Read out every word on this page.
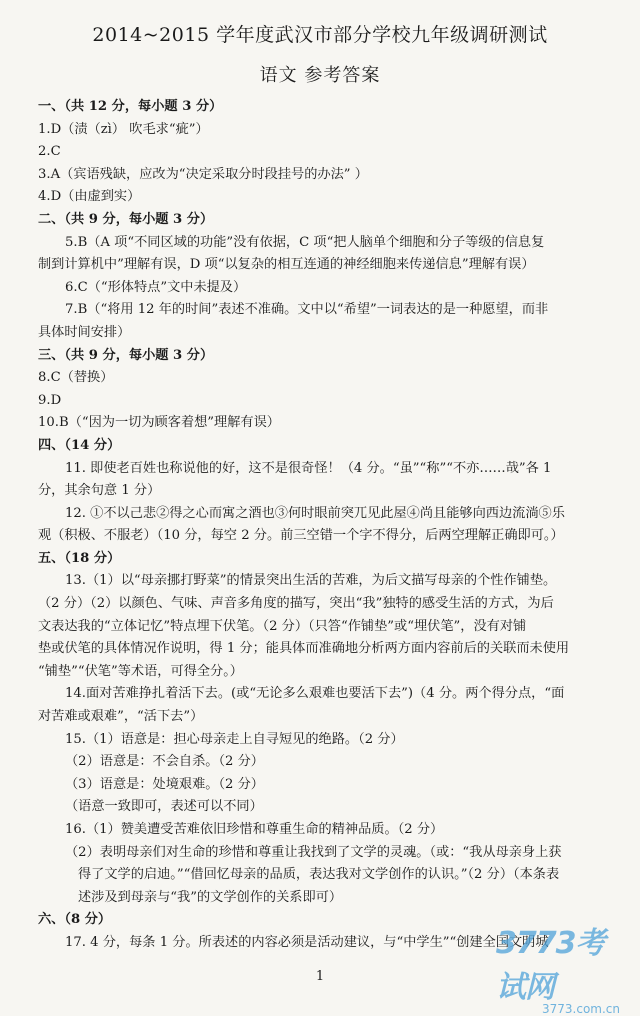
2014~2015 学年度武汉市部分学校九年级调研测试
语文 参考答案
一、（共 12 分，每小题 3 分）
1.D（渍（zì） 吹毛求“疵”）
2.C
3.A（宾语残缺，应改为“决定采取分时段挂号的办法” ）
4.D（由虚到实）
二、（共 9 分，每小题 3 分）
5.B（A 项“不同区域的功能”没有依据，C 项“把人脑单个细胞和分子等级的信息复
制到计算机中”理解有误，D 项“以复杂的相互连通的神经细胞来传递信息”理解有误）
6.C（“形体特点”文中未提及）
7.B（“将用 12 年的时间”表述不准确。文中以“希望”一词表达的是一种愿望，而非
具体时间安排）
三、（共 9 分，每小题 3 分）
8.C（替换）
9.D
10.B（“因为一切为顾客着想”理解有误）
四、（14 分）
11. 即使老百姓也称说他的好，这不是很奇怪！（4 分。“虽”“称”“不亦……哉”各 1
分，其余句意 1 分）
12. ①不以己悲②得之心而寓之酒也③何时眼前突兀见此屋④尚且能够向西边流淌⑤乐
观（积极、不服老）（10 分，每空 2 分。前三空错一个字不得分，后两空理解正确即可。）
五、（18 分）
13.（1）以“母亲挪打野菜”的情景突出生活的苦难，为后文描写母亲的个性作铺垫。
（2 分）（2）以颜色、气味、声音多角度的描写，突出“我”独特的感受生活的方式，为后
文表达我的“立体记忆”特点埋下伏笔。（2 分）（只答“作铺垫”或“埋伏笔”，没有对铺
垫或伏笔的具体情况作说明，得 1 分；能具体而准确地分析两方面内容前后的关联而未使用
“铺垫”“伏笔”等术语，可得全分。）
14.面对苦难挣扎着活下去。(或“无论多么艰难也要活下去”)（4 分。两个得分点，“面
对苦难或艰难”，“活下去”）
15.（1）语意是：担心母亲走上自寻短见的绝路。（2 分）
（2）语意是：不会自杀。（2 分）
（3）语意是：处境艰难。（2 分）
（语意一致即可，表述可以不同）
16.（1）赞美遭受苦难依旧珍惜和尊重生命的精神品质。（2 分）
（2）表明母亲们对生命的珍惜和尊重让我找到了文学的灵魂。（或：“我从母亲身上获
得了文学的启迪。”“借回忆母亲的品质，表达我对文学创作的认识。”（2 分）（本条表
述涉及到母亲与“我”的文学创作的关系即可）
六、（8 分）
17. 4 分，每条 1 分。所表述的内容必须是活动建议，与“中学生”“创建全国文明城
1
3773考试网
3773.com.cn
